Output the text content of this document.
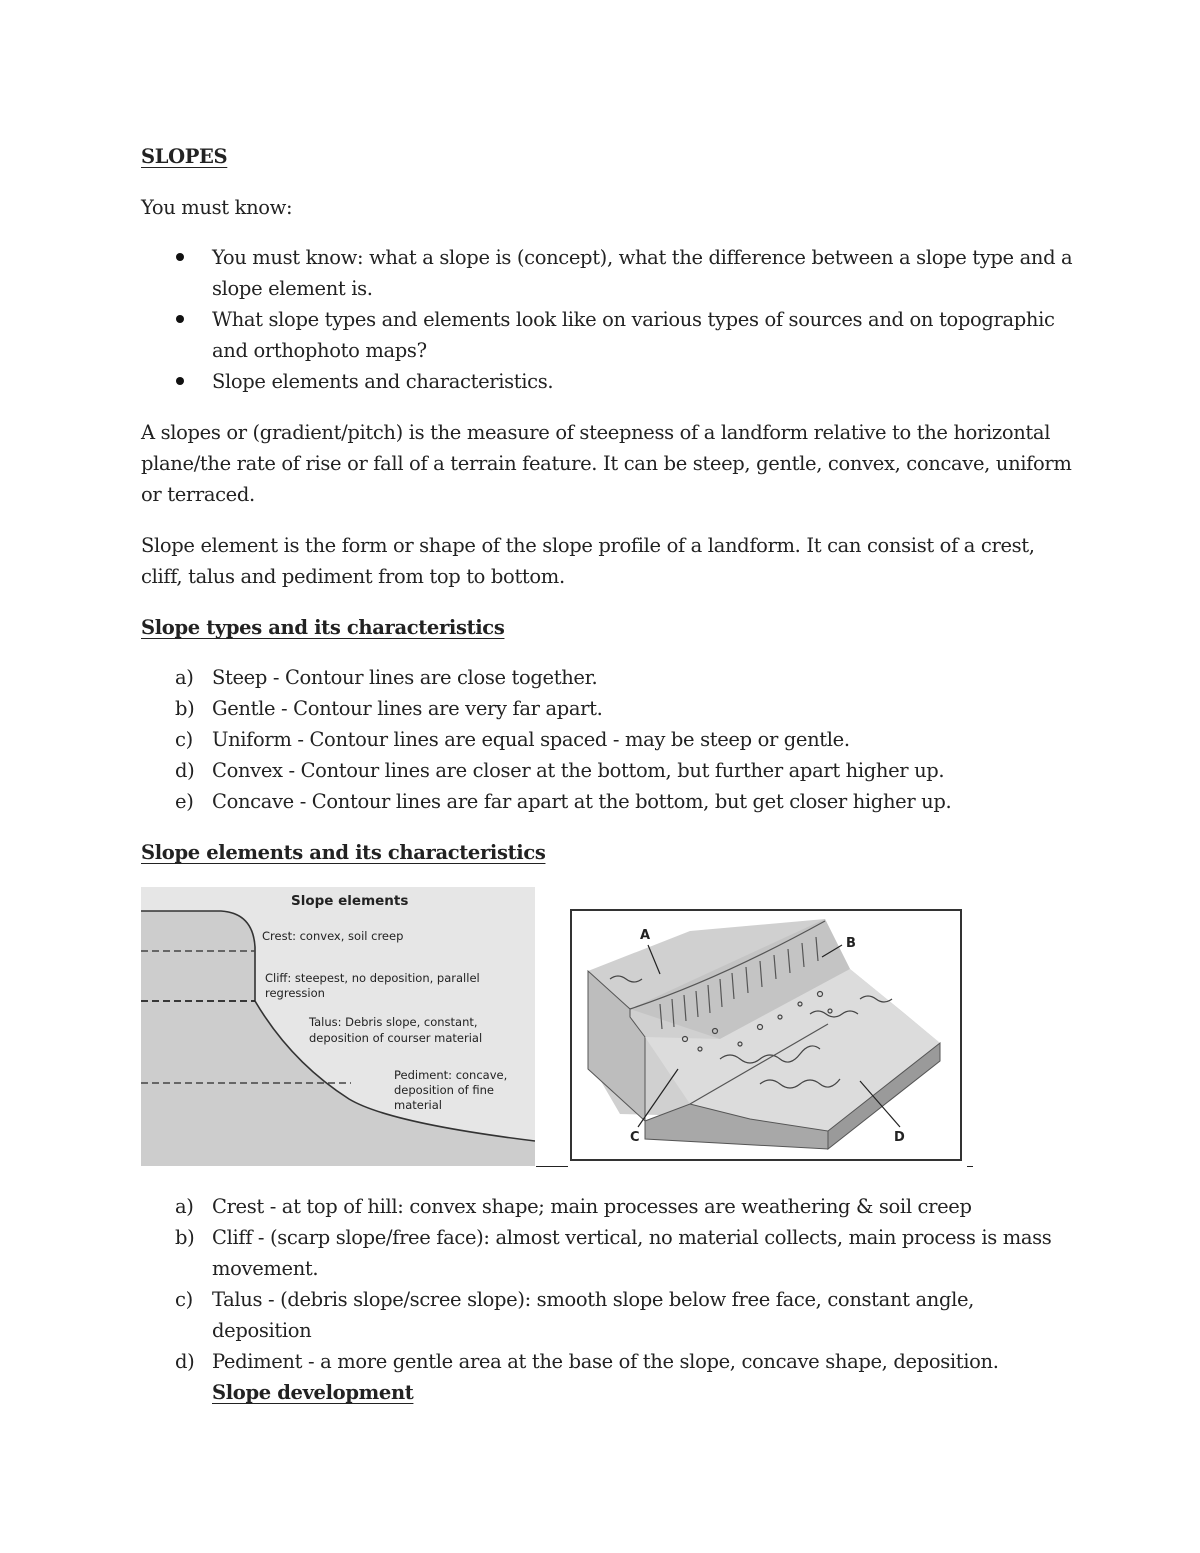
SLOPES
You must know:
You must know: what a slope is (concept), what the difference between a slope type and a
slope element is.
What slope types and elements look like on various types of sources and on topographic
and orthophoto maps?
Slope elements and characteristics.
A slopes or (gradient/pitch) is the measure of steepness of a landform relative to the horizontal
plane/the rate of rise or fall of a terrain feature. It can be steep, gentle, convex, concave, uniform
or terraced.
Slope element is the form or shape of the slope profile of a landform. It can consist of a crest,
cliff, talus and pediment from top to bottom.
Slope types and its characteristics
a) Steep - Contour lines are close together.
b) Gentle - Contour lines are very far apart.
c) Uniform - Contour lines are equal spaced - may be steep or gentle.
d) Convex - Contour lines are closer at the bottom, but further apart higher up.
e) Concave - Contour lines are far apart at the bottom, but get closer higher up.
Slope elements and its characteristics
Slope elements
Crest: convex, soil creep
Cliff: steepest, no deposition, parallel
regression
Talus: Debris slope, constant,
deposition of courser material
Pediment: concave,
deposition of fine
material
A
B
C	D
a) Crest - at top of hill: convex shape; main processes are weathering & soil creep
b) Cliff - (scarp slope/free face): almost vertical, no material collects, main process is mass
movement.
c) Talus - (debris slope/scree slope): smooth slope below free face, constant angle,
deposition
d) Pediment - a more gentle area at the base of the slope, concave shape, deposition.
Slope development
